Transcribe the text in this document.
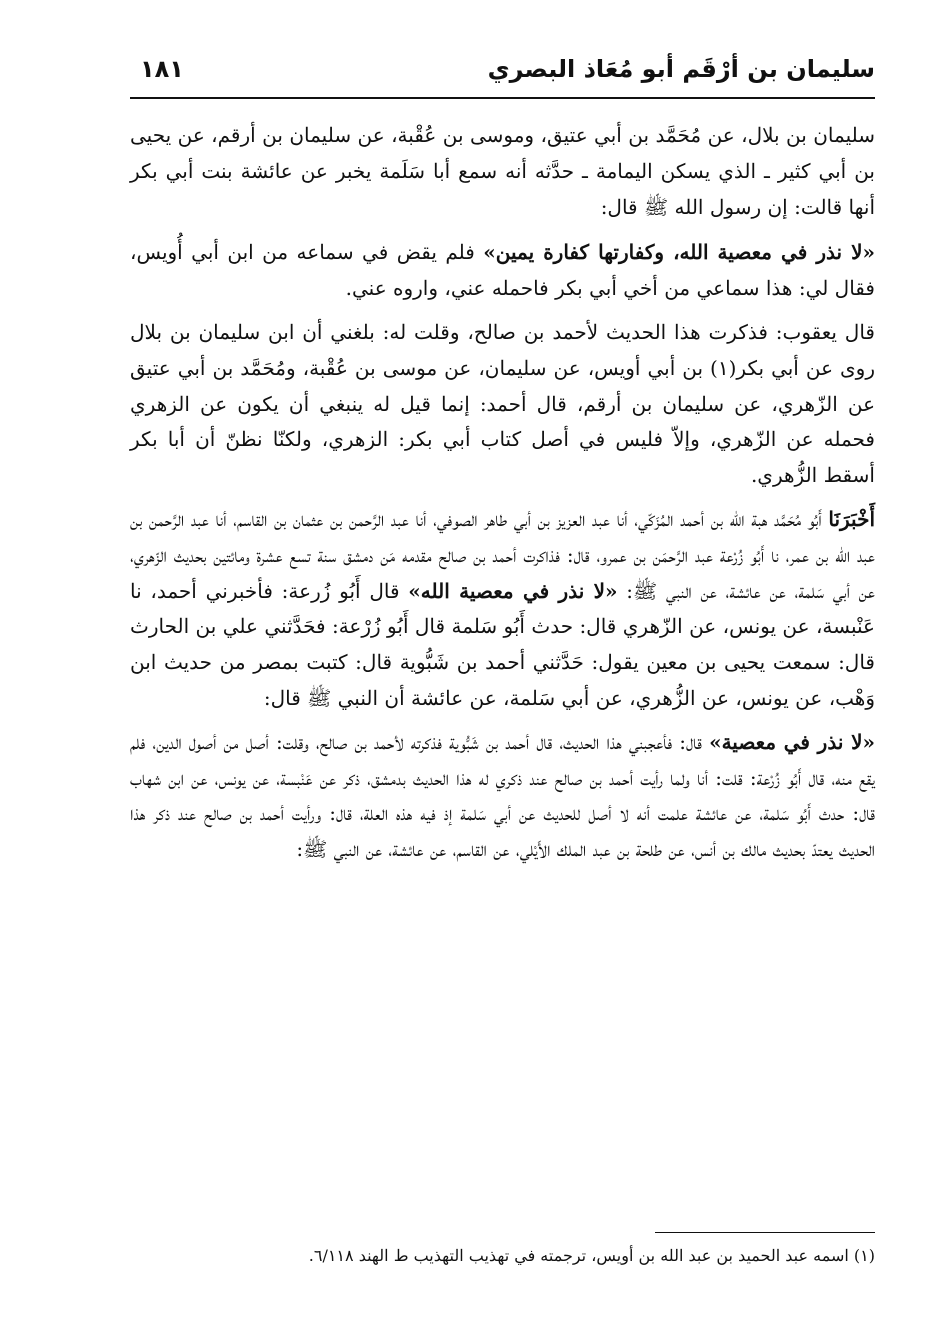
سليمان بن أرْقَم أبو مُعَاذ البصري
١٨١

سليمان بن بلال، عن مُحَمَّد بن أبي عتيق، وموسى بن عُقْبة، عن سليمان بن أرقم، عن يحيى بن أبي كثير ـ الذي يسكن اليمامة ـ حدَّثه أنه سمع أبا سَلَمة يخبر عن عائشة بنت أبي بكر أنها قالت: إن رسول الله ﷺ قال:

«لا نذر في معصية الله، وكفارتها كفارة يمين» فلم يقض في سماعه من ابن أبي أُويس، فقال لي: هذا سماعي من أخي أبي بكر فاحمله عني، واروه عني.

قال يعقوب: فذكرت هذا الحديث لأحمد بن صالح، وقلت له: بلغني أن ابن سليمان بن بلال روى عن أبي بكر(١) بن أبي أويس، عن سليمان، عن موسى بن عُقْبة، ومُحَمَّد بن أبي عتيق عن الزّهري، عن سليمان بن أرقم، قال أحمد: إنما قيل له ينبغي أن يكون عن الزهري فحمله عن الزّهري، وإلاّ فليس في أصل كتاب أبي بكر: الزهري، ولكنّا نظنّ أن أبا بكر أسقط الزُّهري.

أَخْبَرَنَا أَبُو مُحَمَّد هبة الله بن أحمد المُزَكّي، أنا عبد العزيز بن أبي طاهر الصوفي، أنا عبد الرَّحمن بن عثمان بن القاسم، أنا عبد الرَّحمن بن عبد الله بن عمر، نا أَبُو زُرْعة عبد الرَّحمَن بن عمرو، قال: فذاكرت أحمد بن صالح مقدمه مَن دمشق سنة تسع عشرة ومائتين بحديث الزّهري، عن أبي سَلمة، عن عائشة، عن النبي ﷺ: «لا نذر في معصية الله» قال أَبُو زُرعة: فأخبرني أحمد، نا عَنْبسة، عن يونس، عن الزّهري قال: حدث أَبُو سَلمة قال أَبُو زُرْعة: فحَدَّثني علي بن الحارث قال: سمعت يحيى بن معين يقول: حَدَّثني أحمد بن شَبُّوية قال: كتبت بمصر من حديث ابن وَهْب، عن يونس، عن الزُّهري، عن أبي سَلمة، عن عائشة أن النبي ﷺ قال:

«لا نذر في معصية» قال: فأعجبني هذا الحديث، قال أحمد بن شَبُّوية فذكرته لأحمد بن صالح، وقلت: أصل من أصول الدين، فلم يقع منه، قال أَبُو زُرْعة: قلت: أنا ولما رأيت أحمد بن صالح عند ذكري له هذا الحديث بدمشق، ذكر عن عَنْبسة، عن يونس، عن ابن شهاب قال: حدث أَبُو سَلمة، عن عائشة علمت أنه لا أصل للحديث عن أبي سَلمة إذ فيه هذه العلة، قال: ورأيت أحمد بن صالح عند ذكر هذا الحديث يعتدّ بحديث مالك بن أنس، عن طلحة بن عبد الملك الأَيْلي، عن القاسم، عن عائشة، عن النبي ﷺ:

(١) اسمه عبد الحميد بن عبد الله بن أويس، ترجمته في تهذيب التهذيب ط الهند ٦/١١٨.
